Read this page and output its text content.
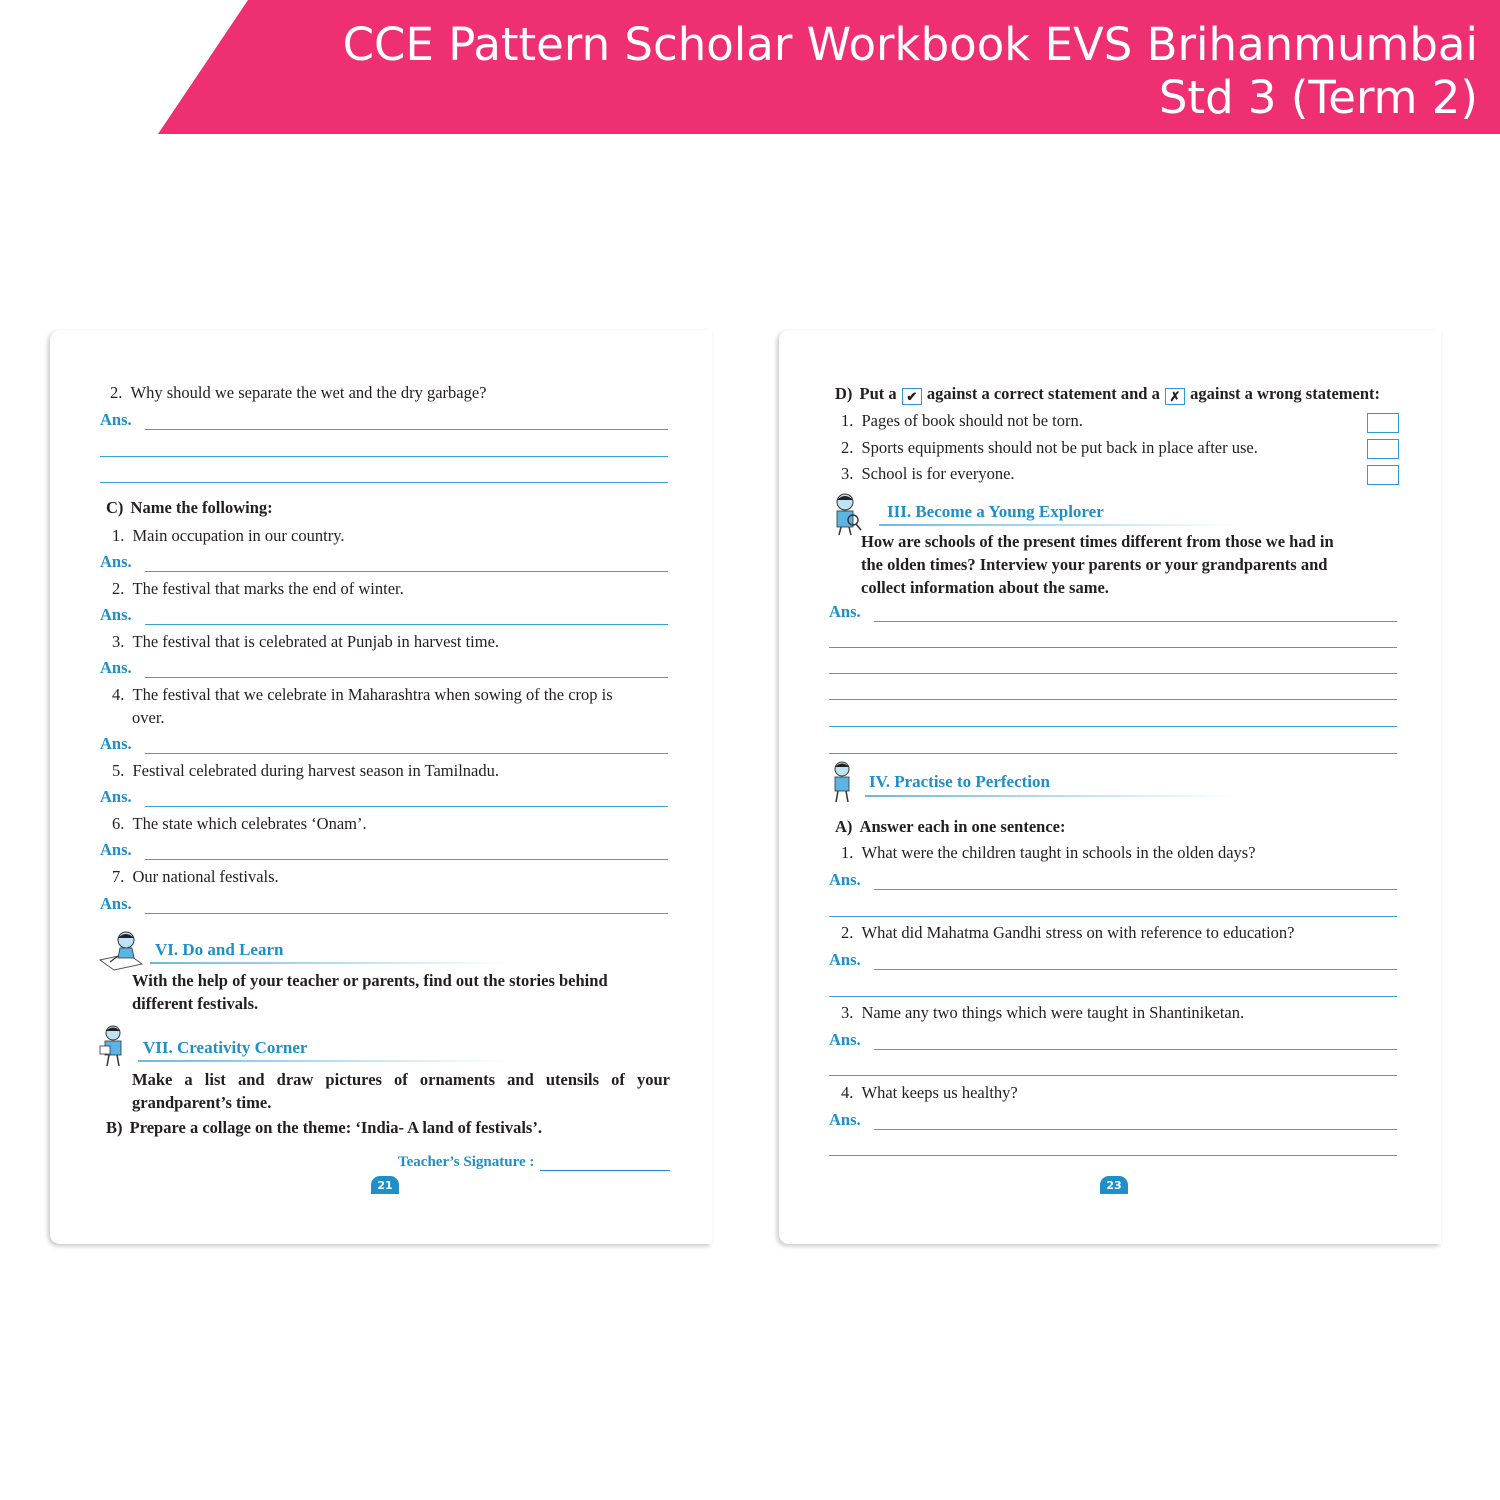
CCE Pattern Scholar Workbook EVS Brihanmumbai
Std 3 (Term 2)
2. Why should we separate the wet and the dry garbage?
Ans.
C) Name the following:
1. Main occupation in our country.
Ans.
2. The festival that marks the end of winter.
Ans.
3. The festival that is celebrated at Punjab in harvest time.
Ans.
4. The festival that we celebrate in Maharashtra when sowing of the crop is
over.
Ans.
5. Festival celebrated during harvest season in Tamilnadu.
Ans.
6. The state which celebrates ‘Onam’.
Ans.
7. Our national festivals.
Ans.
VI. Do and Learn
With the help of your teacher or parents, find out the stories behind
different festivals.
VII. Creativity Corner
Make a list and draw pictures of ornaments and utensils of your
grandparent’s time.
B) Prepare a collage on the theme: ‘India- A land of festivals’.
Teacher’s Signature :
21
D) Put a ✔ against a correct statement and a ✗ against a wrong statement:
1. Pages of book should not be torn.
2. Sports equipments should not be put back in place after use.
3. School is for everyone.
III. Become a Young Explorer
How are schools of the present times different from those we had in
the olden times? Interview your parents or your grandparents and
collect information about the same.
Ans.
IV. Practise to Perfection
A) Answer each in one sentence:
1. What were the children taught in schools in the olden days?
Ans.
2. What did Mahatma Gandhi stress on with reference to education?
Ans.
3. Name any two things which were taught in Shantiniketan.
Ans.
4. What keeps us healthy?
Ans.
23
